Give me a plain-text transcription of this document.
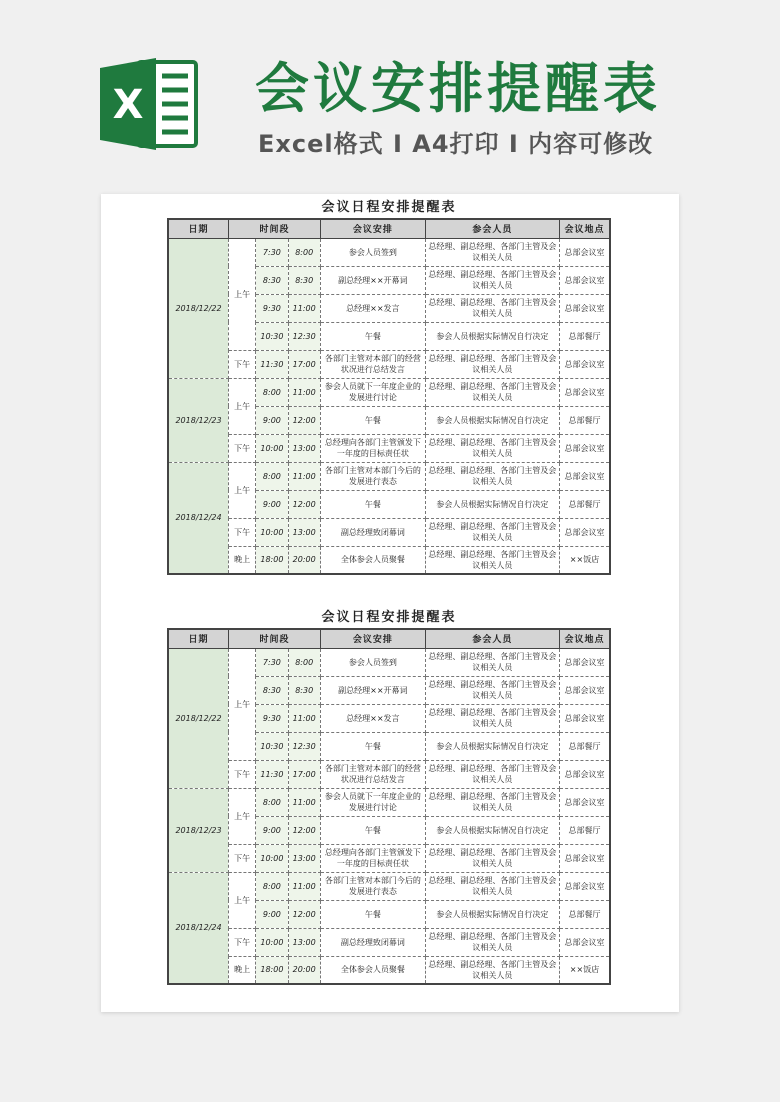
X 会议安排提醒表
Excel格式 Ⅰ A4打印 Ⅰ 内容可修改
会议日程安排提醒表
日期	时间段			会议安排	参会人员	会议地点
2018/12/22	上午	7:30	8:00	参会人员签到	总经理、副总经理、各部门主管及会议相关人员	总部会议室
		8:30	8:30	副总经理××开幕词	总经理、副总经理、各部门主管及会议相关人员	总部会议室
		9:30	11:00	总经理××发言	总经理、副总经理、各部门主管及会议相关人员	总部会议室
		10:30	12:30	午餐	参会人员根据实际情况自行决定	总部餐厅
	下午	11:30	17:00	各部门主管对本部门的经营状况进行总结发言	总经理、副总经理、各部门主管及会议相关人员	总部会议室
2018/12/23	上午	8:00	11:00	参会人员就下一年度企业的发展进行讨论	总经理、副总经理、各部门主管及会议相关人员	总部会议室
		9:00	12:00	午餐	参会人员根据实际情况自行决定	总部餐厅
	下午	10:00	13:00	总经理向各部门主管颁发下一年度的目标责任状	总经理、副总经理、各部门主管及会议相关人员	总部会议室
2018/12/24	上午	8:00	11:00	各部门主管对本部门今后的发展进行表态	总经理、副总经理、各部门主管及会议相关人员	总部会议室
		9:00	12:00	午餐	参会人员根据实际情况自行决定	总部餐厅
	下午	10:00	13:00	副总经理致闭幕词	总经理、副总经理、各部门主管及会议相关人员	总部会议室
	晚上	18:00	20:00	全体参会人员聚餐	总经理、副总经理、各部门主管及会议相关人员	××饭店
会议日程安排提醒表
日期	时间段			会议安排	参会人员	会议地点
2018/12/22	上午	7:30	8:00	参会人员签到	总经理、副总经理、各部门主管及会议相关人员	总部会议室
		8:30	8:30	副总经理××开幕词	总经理、副总经理、各部门主管及会议相关人员	总部会议室
		9:30	11:00	总经理××发言	总经理、副总经理、各部门主管及会议相关人员	总部会议室
		10:30	12:30	午餐	参会人员根据实际情况自行决定	总部餐厅
	下午	11:30	17:00	各部门主管对本部门的经营状况进行总结发言	总经理、副总经理、各部门主管及会议相关人员	总部会议室
2018/12/23	上午	8:00	11:00	参会人员就下一年度企业的发展进行讨论	总经理、副总经理、各部门主管及会议相关人员	总部会议室
		9:00	12:00	午餐	参会人员根据实际情况自行决定	总部餐厅
	下午	10:00	13:00	总经理向各部门主管颁发下一年度的目标责任状	总经理、副总经理、各部门主管及会议相关人员	总部会议室
2018/12/24	上午	8:00	11:00	各部门主管对本部门今后的发展进行表态	总经理、副总经理、各部门主管及会议相关人员	总部会议室
		9:00	12:00	午餐	参会人员根据实际情况自行决定	总部餐厅
	下午	10:00	13:00	副总经理致闭幕词	总经理、副总经理、各部门主管及会议相关人员	总部会议室
	晚上	18:00	20:00	全体参会人员聚餐	总经理、副总经理、各部门主管及会议相关人员	××饭店
